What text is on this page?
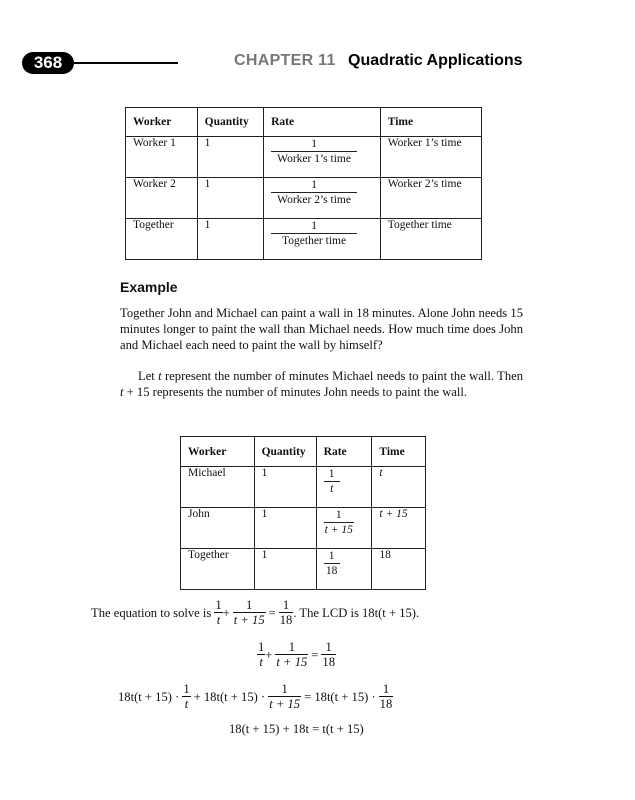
368	CHAPTER 11 Quadratic Applications
Worker	Quantity	Rate	Time
Worker 1	1	$\frac{1}{\text{Worker 1’s time}}$	Worker 1’s time
Worker 2	1	$\frac{1}{\text{Worker 2’s time}}$	Worker 2’s time
Together	1	$\frac{1}{\text{Together time}}$	Together time
Example

Together John and Michael can paint a wall in 18 minutes. Alone John needs 15 minutes longer to paint the wall than Michael needs. How much time does John and Michael each need to paint the wall by himself?

Let t represent the number of minutes Michael needs to paint the wall. Then t + 15 represents the number of minutes John needs to paint the wall.

Worker	Quantity	Rate	Time
Michael	1	$\frac{1}{t}$	t
John	1	$\frac{1}{t + 15}$	t + 15
Together	1	$\frac{1}{18}$	18
The equation to solve is $\frac{1}{t} + \frac{1}{t + 15} = \frac{1}{18}$ . The LCD is 18t(t + 15).
$\frac{1}{t} + \frac{1}{t + 15} = \frac{1}{18}$
$18t(t + 15) \cdot \frac{1}{t} + 18t(t + 15) \cdot \frac{1}{t + 15} = 18t(t + 15) \cdot \frac{1}{18}$
18(t + 15) + 18t = t(t + 15)
